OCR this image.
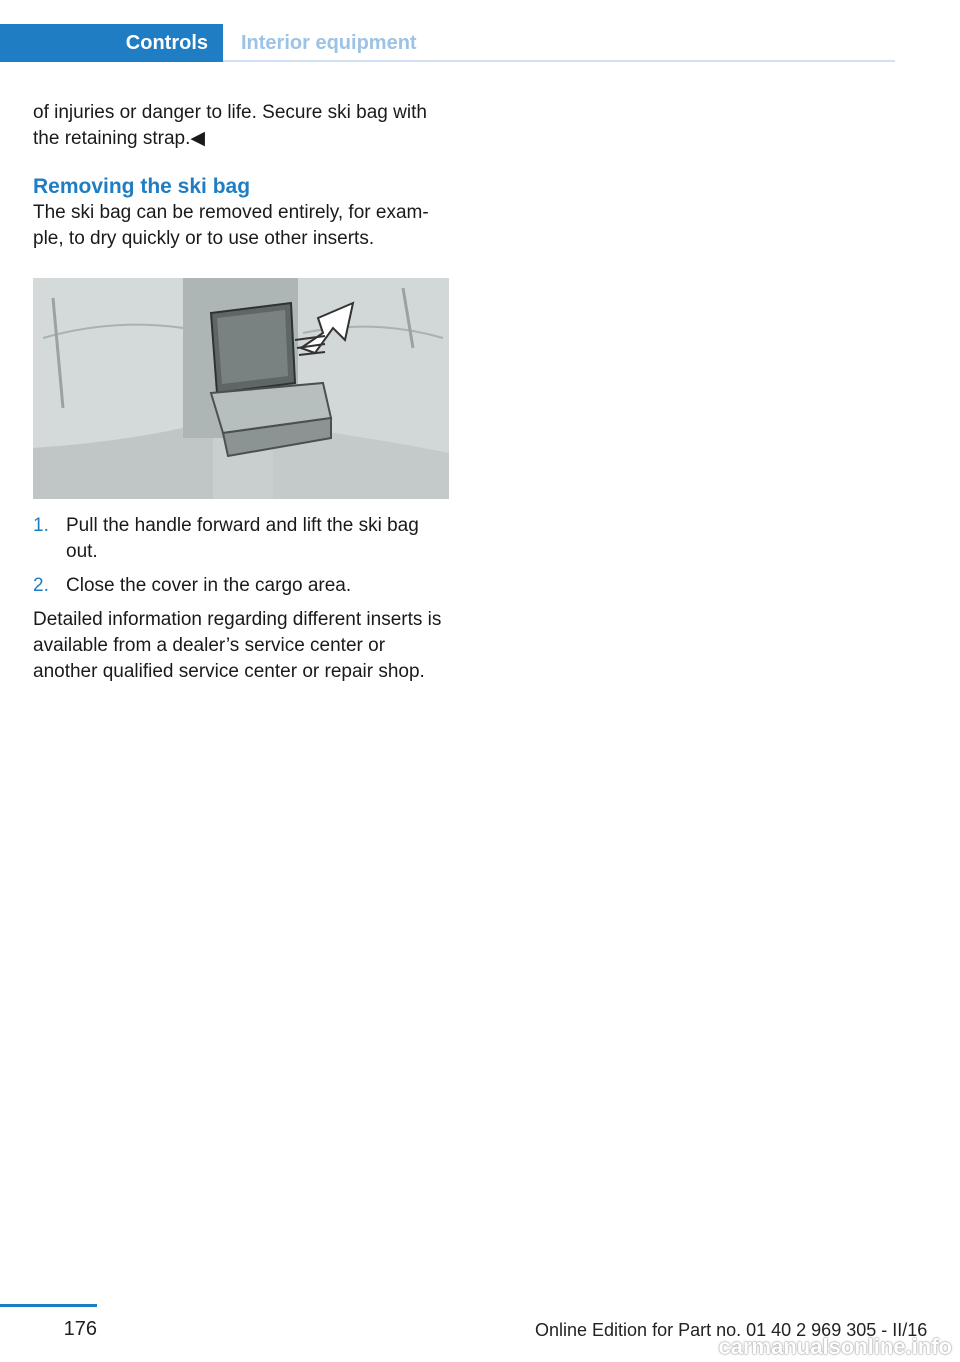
Controls	Interior equipment

of injuries or danger to life. Secure ski bag with the retaining strap.◀

Removing the ski bag

The ski bag can be removed entirely, for exam-ple, to dry quickly or to use other inserts.

1. Pull the handle forward and lift the ski bag out.
2. Close the cover in the cargo area.

Detailed information regarding different inserts is available from a dealer’s service center or another qualified service center or repair shop.

176	Online Edition for Part no. 01 40 2 969 305 - II/16
carmanualsonline.info
